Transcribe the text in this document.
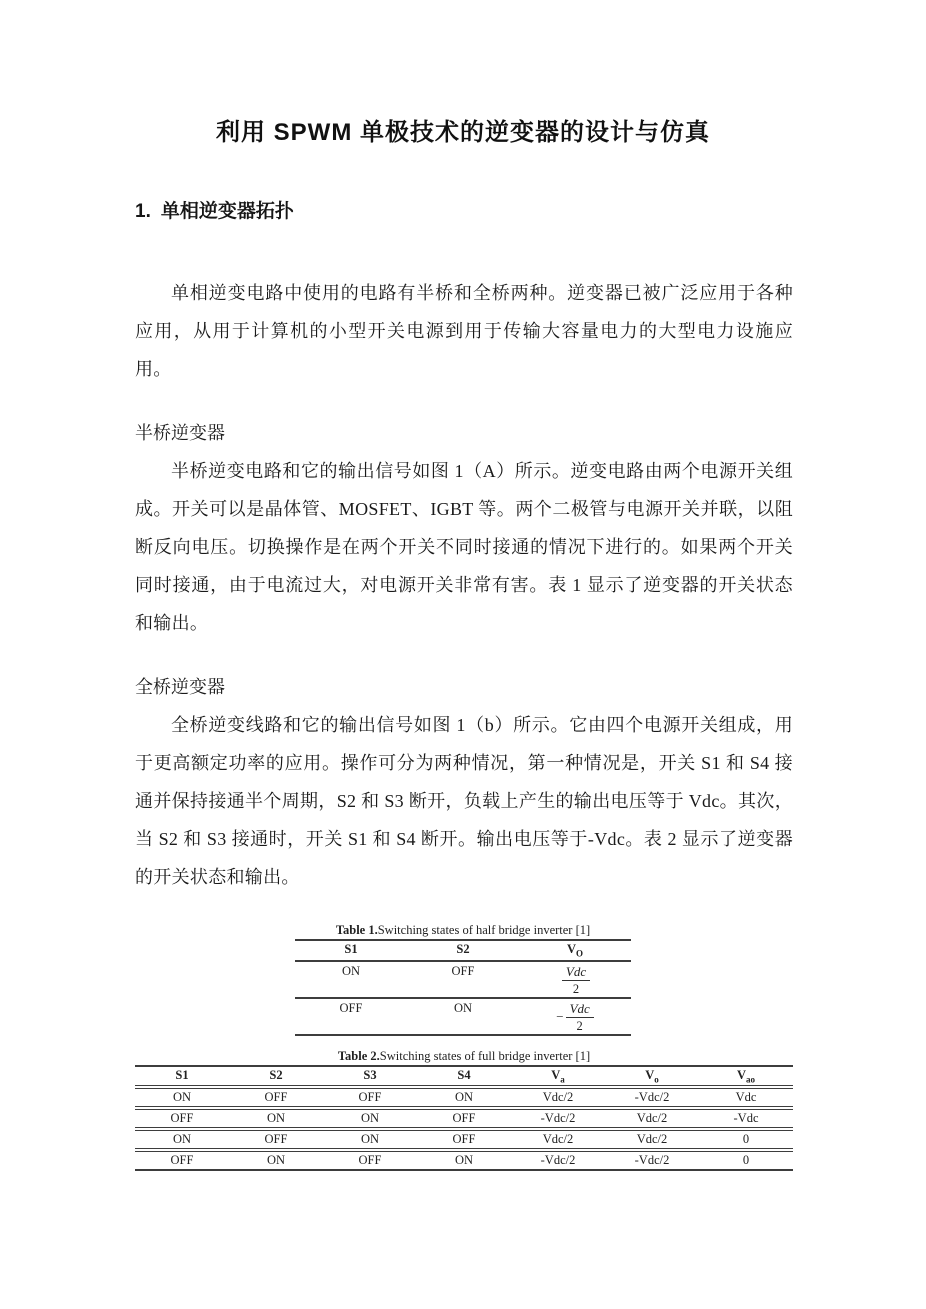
利用 SPWM 单极技术的逆变器的设计与仿真
1. 单相逆变器拓扑

单相逆变电路中使用的电路有半桥和全桥两种。逆变器已被广泛应用于各种应用，从用于计算机的小型开关电源到用于传输大容量电力的大型电力设施应用。

半桥逆变器

半桥逆变电路和它的输出信号如图 1（A）所示。逆变电路由两个电源开关组成。开关可以是晶体管、MOSFET、IGBT 等。两个二极管与电源开关并联，以阻断反向电压。切换操作是在两个开关不同时接通的情况下进行的。如果两个开关同时接通，由于电流过大，对电源开关非常有害。表 1 显示了逆变器的开关状态和输出。

全桥逆变器

全桥逆变线路和它的输出信号如图 1（b）所示。它由四个电源开关组成，用于更高额定功率的应用。操作可分为两种情况，第一种情况是，开关 S1 和 S4 接通并保持接通半个周期，S2 和 S3 断开，负载上产生的输出电压等于 Vdc。其次，当 S2 和 S3 接通时，开关 S1 和 S4 断开。输出电压等于-Vdc。表 2 显示了逆变器的开关状态和输出。

Table 1.Switching states of half bridge inverter [1]
S1	S2	$V_O$
ON	OFF	$\frac{\text{Vdc}}{2}$

OFF	ON	− $\frac{\text{Vdc}}{2}$
Table 2.Switching states of full bridge inverter [1]
S1	S2	S3	S4	$V_a$	$V_o$	$V_{ao}$
ON	OFF	OFF	ON	Vdc/2	-Vdc/2	Vdc
OFF	ON	ON	OFF	-Vdc/2	Vdc/2	-Vdc
ON	OFF	ON	OFF	Vdc/2	Vdc/2	0
OFF	ON	OFF	ON	-Vdc/2	-Vdc/2	0
